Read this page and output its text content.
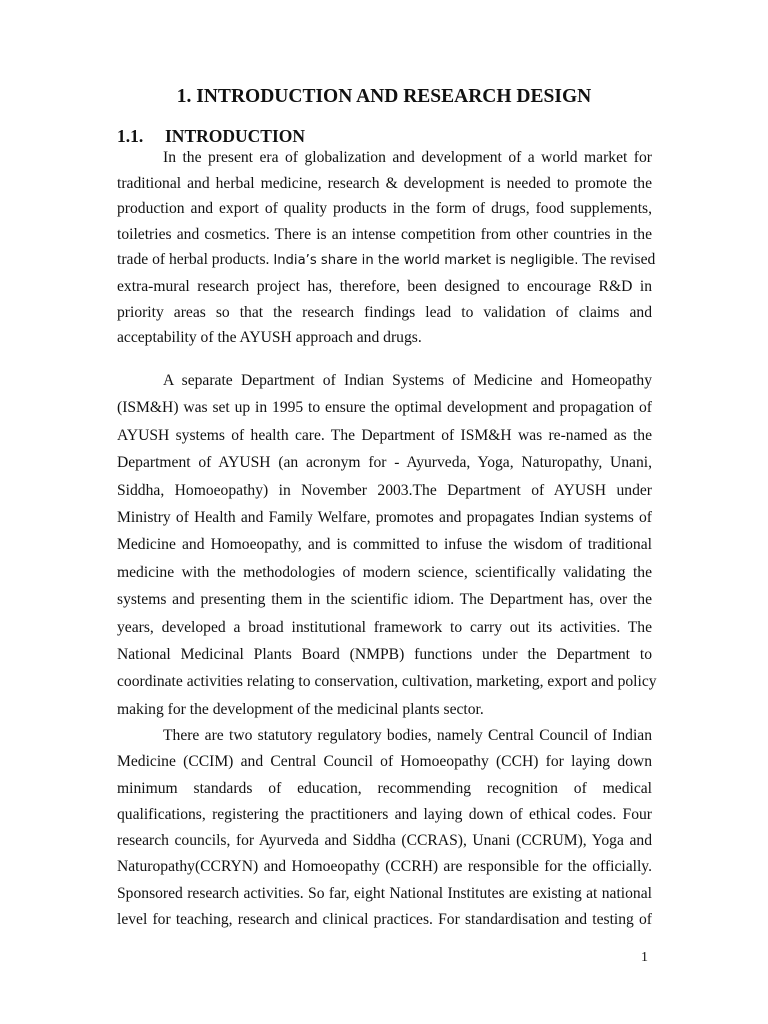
1. INTRODUCTION AND RESEARCH DESIGN
1.1. INTRODUCTION
In the present era of globalization and development of a world market for
traditional and herbal medicine, research & development is needed to promote the
production and export of quality products in the form of drugs, food supplements,
toiletries and cosmetics. There is an intense competition from other countries in the
trade of herbal products. India’s share in the world market is negligible. The revised
extra-mural research project has, therefore, been designed to encourage R&D in
priority areas so that the research findings lead to validation of claims and
acceptability of the AYUSH approach and drugs.
A separate Department of Indian Systems of Medicine and Homeopathy
(ISM&H) was set up in 1995 to ensure the optimal development and propagation of
AYUSH systems of health care. The Department of ISM&H was re-named as the
Department of AYUSH (an acronym for - Ayurveda, Yoga, Naturopathy, Unani,
Siddha, Homoeopathy) in November 2003.The Department of AYUSH under
Ministry of Health and Family Welfare, promotes and propagates Indian systems of
Medicine and Homoeopathy, and is committed to infuse the wisdom of traditional
medicine with the methodologies of modern science, scientifically validating the
systems and presenting them in the scientific idiom. The Department has, over the
years, developed a broad institutional framework to carry out its activities. The
National Medicinal Plants Board (NMPB) functions under the Department to
coordinate activities relating to conservation, cultivation, marketing, export and policy
making for the development of the medicinal plants sector.
There are two statutory regulatory bodies, namely Central Council of Indian
Medicine (CCIM) and Central Council of Homoeopathy (CCH) for laying down
minimum standards of education, recommending recognition of medical
qualifications, registering the practitioners and laying down of ethical codes. Four
research councils, for Ayurveda and Siddha (CCRAS), Unani (CCRUM), Yoga and
Naturopathy(CCRYN) and Homoeopathy (CCRH) are responsible for the officially.
Sponsored research activities. So far, eight National Institutes are existing at national
level for teaching, research and clinical practices. For standardisation and testing of
1
